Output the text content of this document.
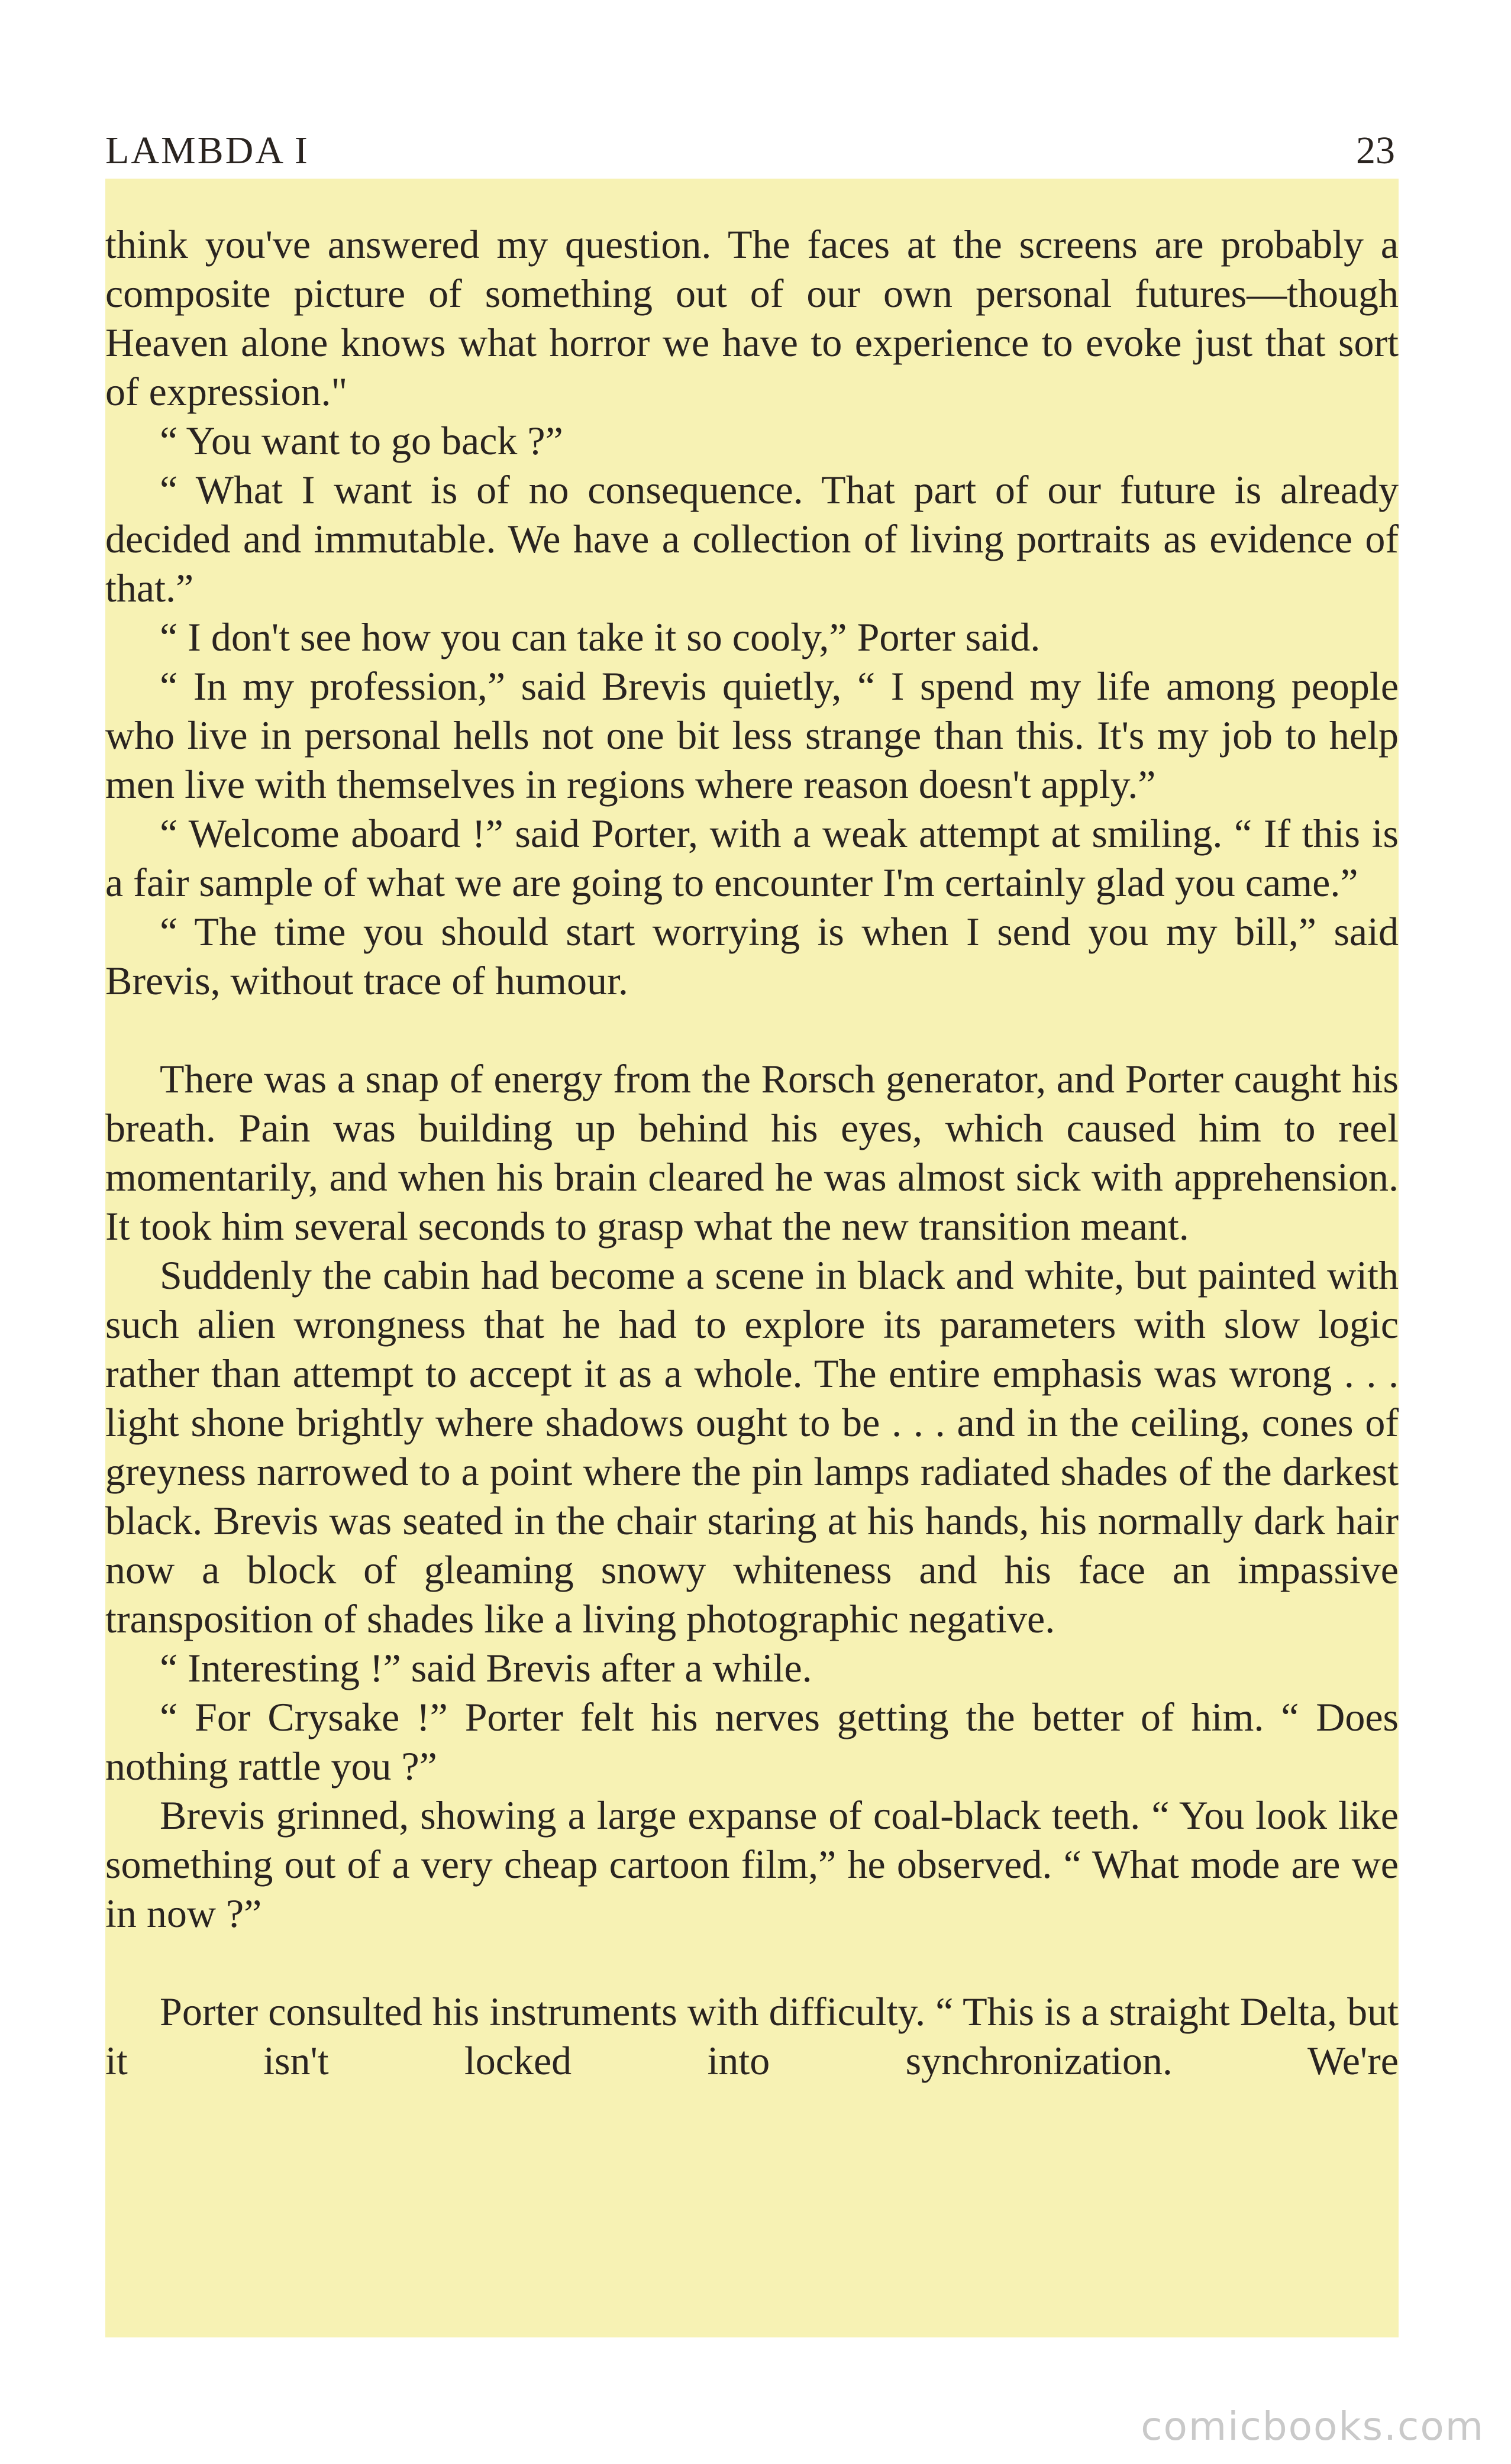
LAMBDA I	23

think you've answered my question. The faces at the screens are probably a composite picture of something out of our own personal futures—though Heaven alone knows what horror we have to experience to evoke just that sort of expression."

“ You want to go back ?”

“ What I want is of no consequence. That part of our future is already decided and immutable. We have a collection of living portraits as evidence of that.”

“ I don't see how you can take it so cooly,” Porter said.

“ In my profession,” said Brevis quietly, “ I spend my life among people who live in personal hells not one bit less strange than this. It's my job to help men live with themselves in regions where reason doesn't apply.”

“ Welcome aboard !” said Porter, with a weak attempt at smiling. “ If this is a fair sample of what we are going to encounter I'm certainly glad you came.”

“ The time you should start worrying is when I send you my bill,” said Brevis, without trace of humour.

There was a snap of energy from the Rorsch generator, and Porter caught his breath. Pain was building up behind his eyes, which caused him to reel momentarily, and when his brain cleared he was almost sick with apprehension. It took him several seconds to grasp what the new transition meant.

Suddenly the cabin had become a scene in black and white, but painted with such alien wrongness that he had to explore its parameters with slow logic rather than attempt to accept it as a whole. The entire emphasis was wrong . . . light shone brightly where shadows ought to be . . . and in the ceiling, cones of greyness narrowed to a point where the pin lamps radiated shades of the darkest black. Brevis was seated in the chair staring at his hands, his normally dark hair now a block of gleaming snowy whiteness and his face an impassive transposition of shades like a living photographic negative.

“ Interesting !” said Brevis after a while.

“ For Crysake !” Porter felt his nerves getting the better of him. “ Does nothing rattle you ?”

Brevis grinned, showing a large expanse of coal-black teeth. “ You look like something out of a very cheap cartoon film,” he observed. “ What mode are we in now ?”

Porter consulted his instruments with difficulty. “ This is a straight Delta, but it isn't locked into synchronization. We're

comicbooks.com
